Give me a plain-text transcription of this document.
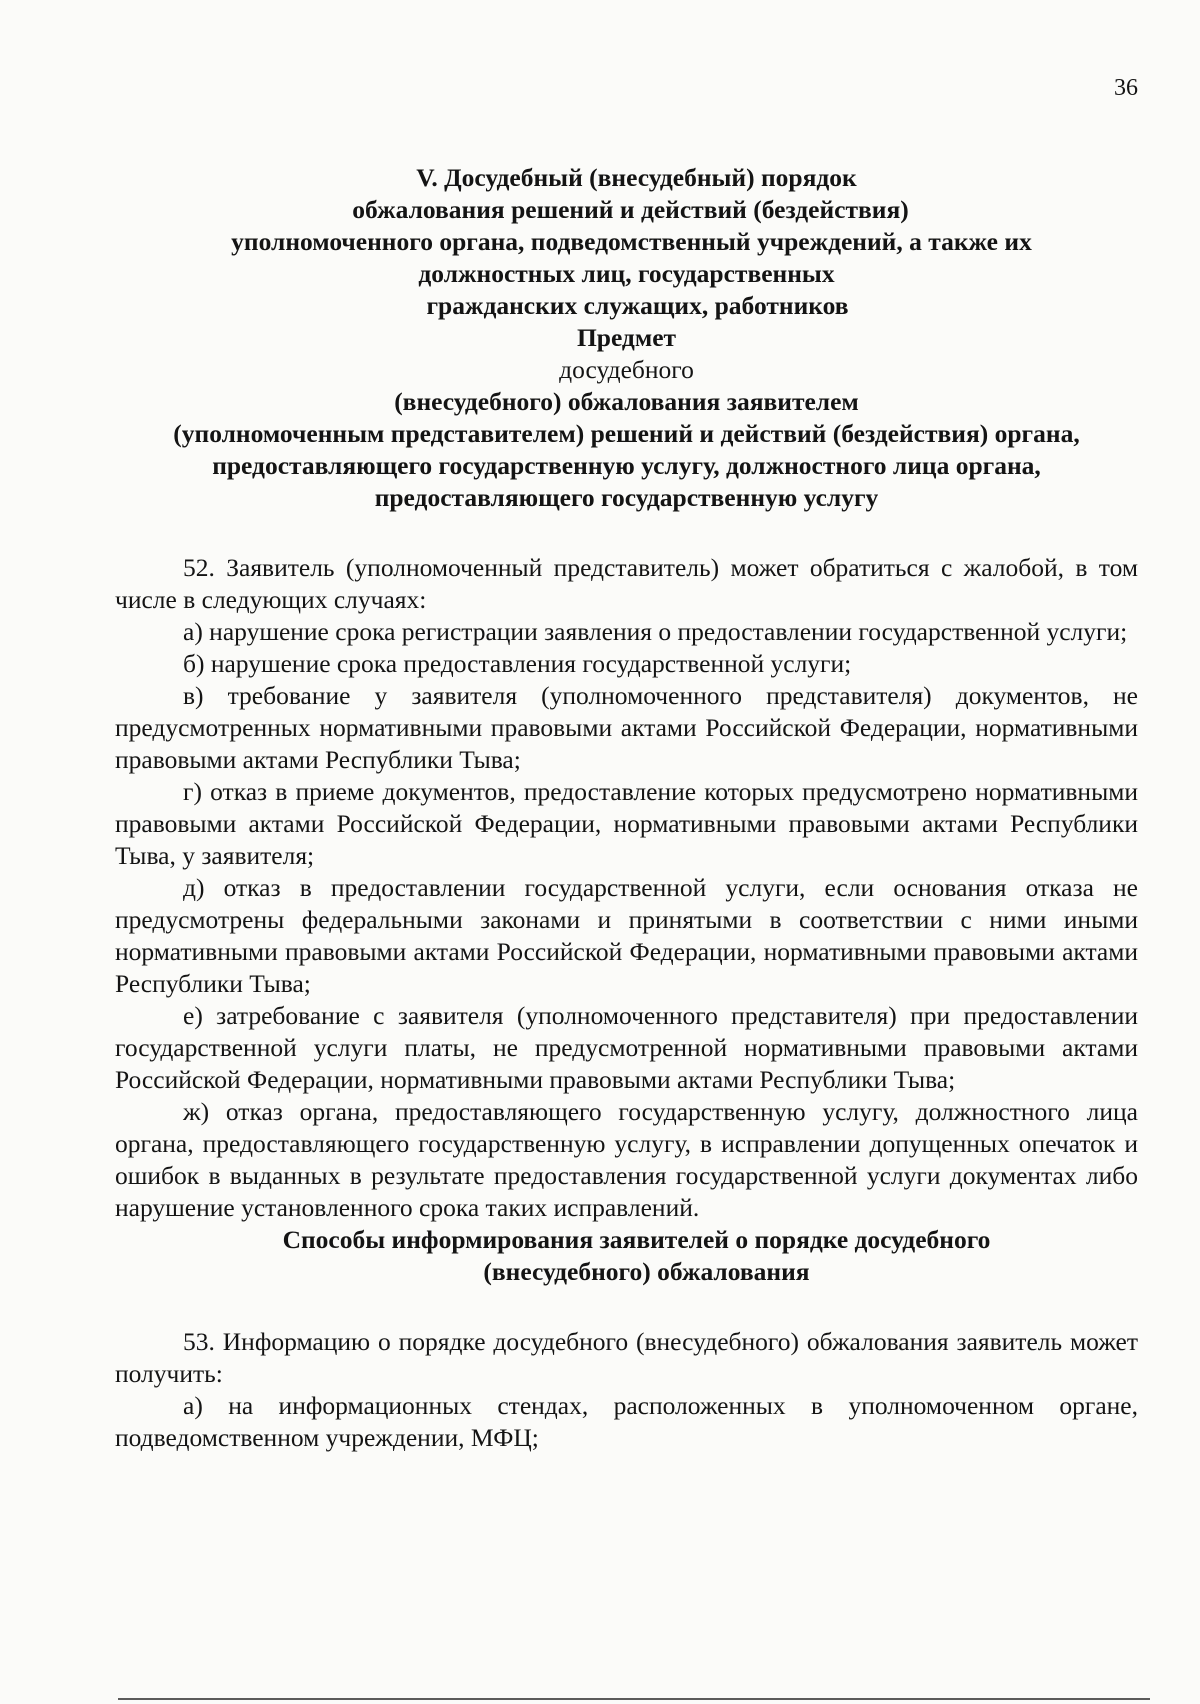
36
V. Досудебный (внесудебный) порядок
обжалования решений и действий (бездействия)
уполномоченного органа, подведомственный учреждений, а также их
должностных лиц, государственных
гражданских служащих, работников
Предмет
досудебного
(внесудебного) обжалования заявителем
(уполномоченным представителем) решений и действий (бездействия) органа,
предоставляющего государственную услугу, должностного лица органа,
предоставляющего государственную услугу

52. Заявитель (уполномоченный представитель) может обратиться с жалобой, в том числе в следующих случаях:

а) нарушение срока регистрации заявления о предоставлении государственной услуги;

б) нарушение срока предоставления государственной услуги;

в) требование у заявителя (уполномоченного представителя) документов, не предусмотренных нормативными правовыми актами Российской Федерации, нормативными правовыми актами Республики Тыва;

г) отказ в приеме документов, предоставление которых предусмотрено нормативными правовыми актами Российской Федерации, нормативными правовыми актами Республики Тыва, у заявителя;

д) отказ в предоставлении государственной услуги, если основания отказа не предусмотрены федеральными законами и принятыми в соответствии с ними иными нормативными правовыми актами Российской Федерации, нормативными правовыми актами Республики Тыва;

е) затребование с заявителя (уполномоченного представителя) при предоставлении государственной услуги платы, не предусмотренной нормативными правовыми актами Российской Федерации, нормативными правовыми актами Республики Тыва;

ж) отказ органа, предоставляющего государственную услугу, должностного лица органа, предоставляющего государственную услугу, в исправлении допущенных опечаток и ошибок в выданных в результате предоставления государственной услуги документах либо нарушение установленного срока таких исправлений.

Способы информирования заявителей о порядке досудебного
(внесудебного) обжалования

53. Информацию о порядке досудебного (внесудебного) обжалования заявитель может получить:

а) на информационных стендах, расположенных в уполномоченном органе, подведомственном учреждении, МФЦ;
